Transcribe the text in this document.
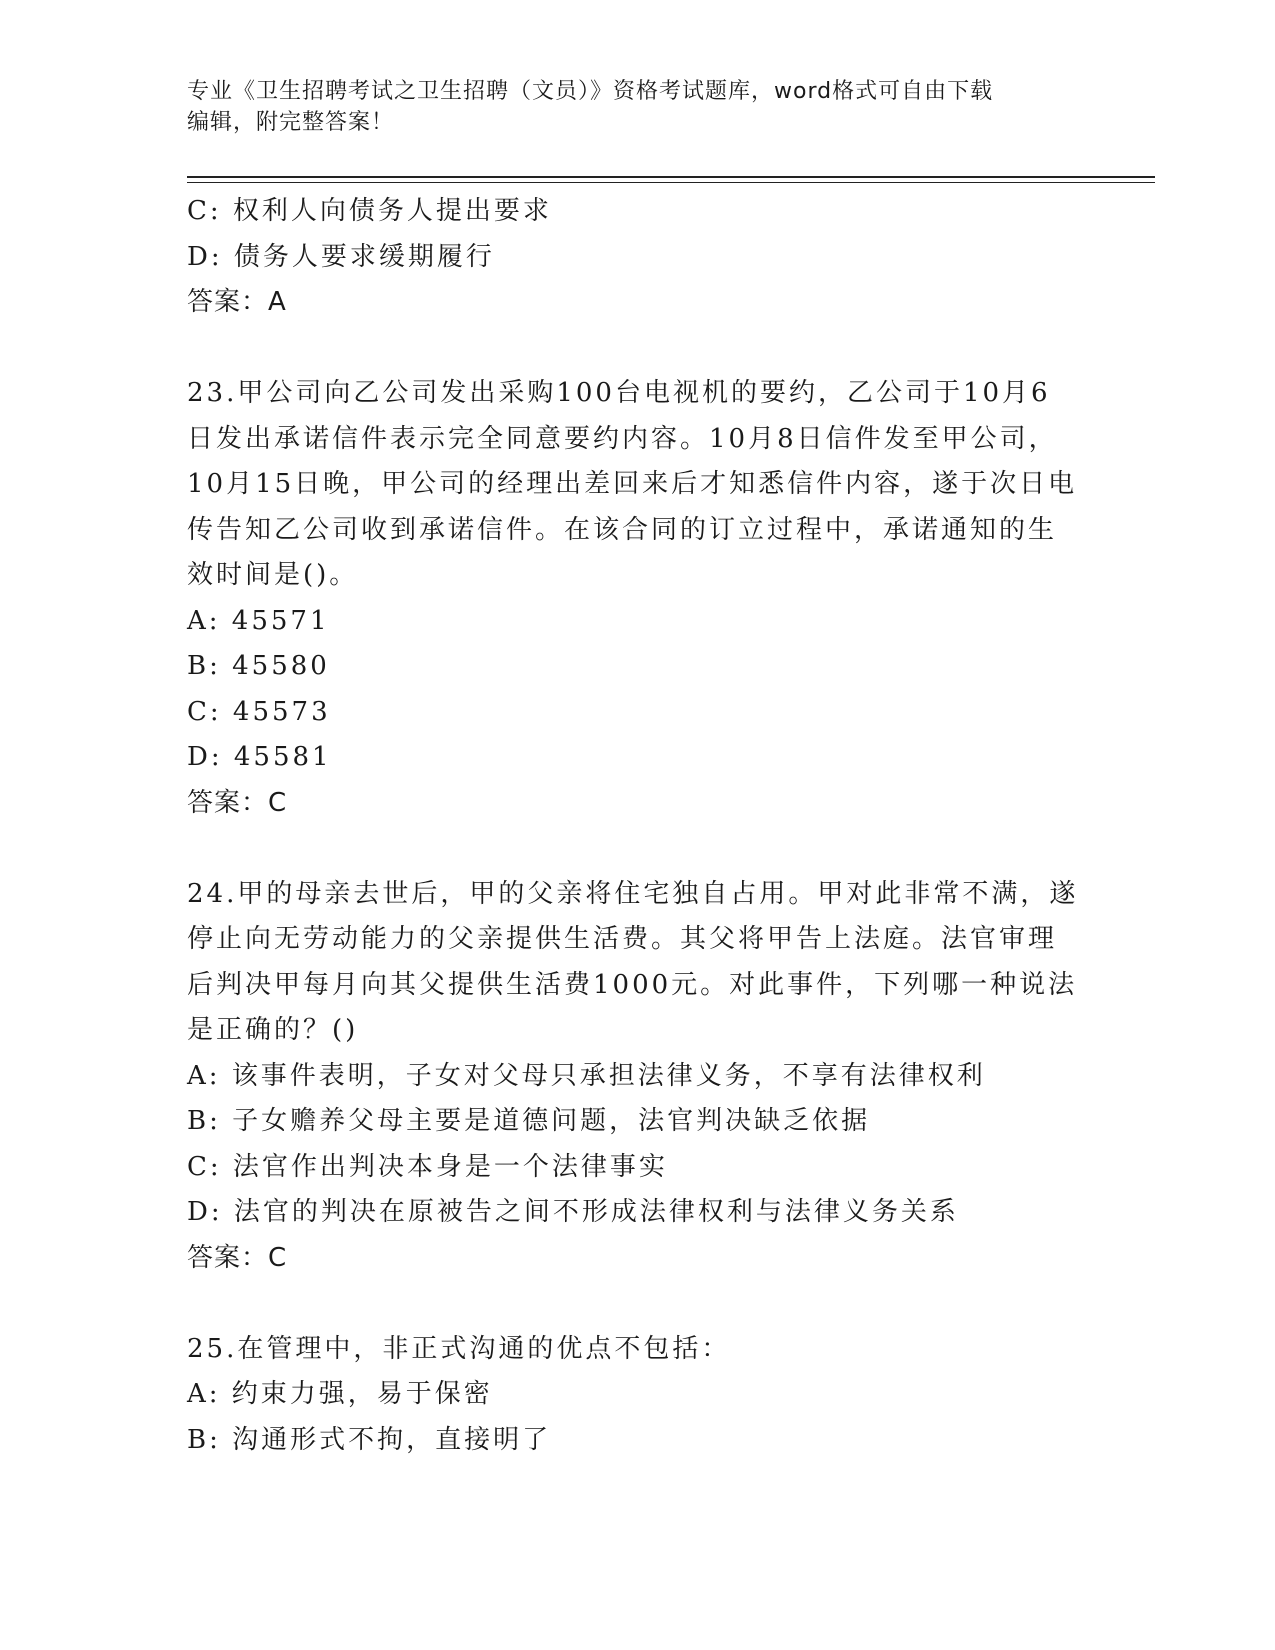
专业《卫生招聘考试之卫生招聘（文员）》资格考试题库，word格式可自由下载
编辑，附完整答案！
C: 权利人向债务人提出要求
D: 债务人要求缓期履行
答案：A
23.甲公司向乙公司发出采购100台电视机的要约，乙公司于10月6
日发出承诺信件表示完全同意要约内容。10月8日信件发至甲公司，
10月15日晚，甲公司的经理出差回来后才知悉信件内容，遂于次日电
传告知乙公司收到承诺信件。在该合同的订立过程中，承诺通知的生
效时间是()。
A: 45571
B: 45580
C: 45573
D: 45581
答案：C
24.甲的母亲去世后，甲的父亲将住宅独自占用。甲对此非常不满，遂
停止向无劳动能力的父亲提供生活费。其父将甲告上法庭。法官审理
后判决甲每月向其父提供生活费1000元。对此事件，下列哪一种说法
是正确的？()
A: 该事件表明，子女对父母只承担法律义务，不享有法律权利
B: 子女赡养父母主要是道德问题，法官判决缺乏依据
C: 法官作出判决本身是一个法律事实
D: 法官的判决在原被告之间不形成法律权利与法律义务关系
答案：C
25.在管理中，非正式沟通的优点不包括：
A: 约束力强，易于保密
B: 沟通形式不拘，直接明了
